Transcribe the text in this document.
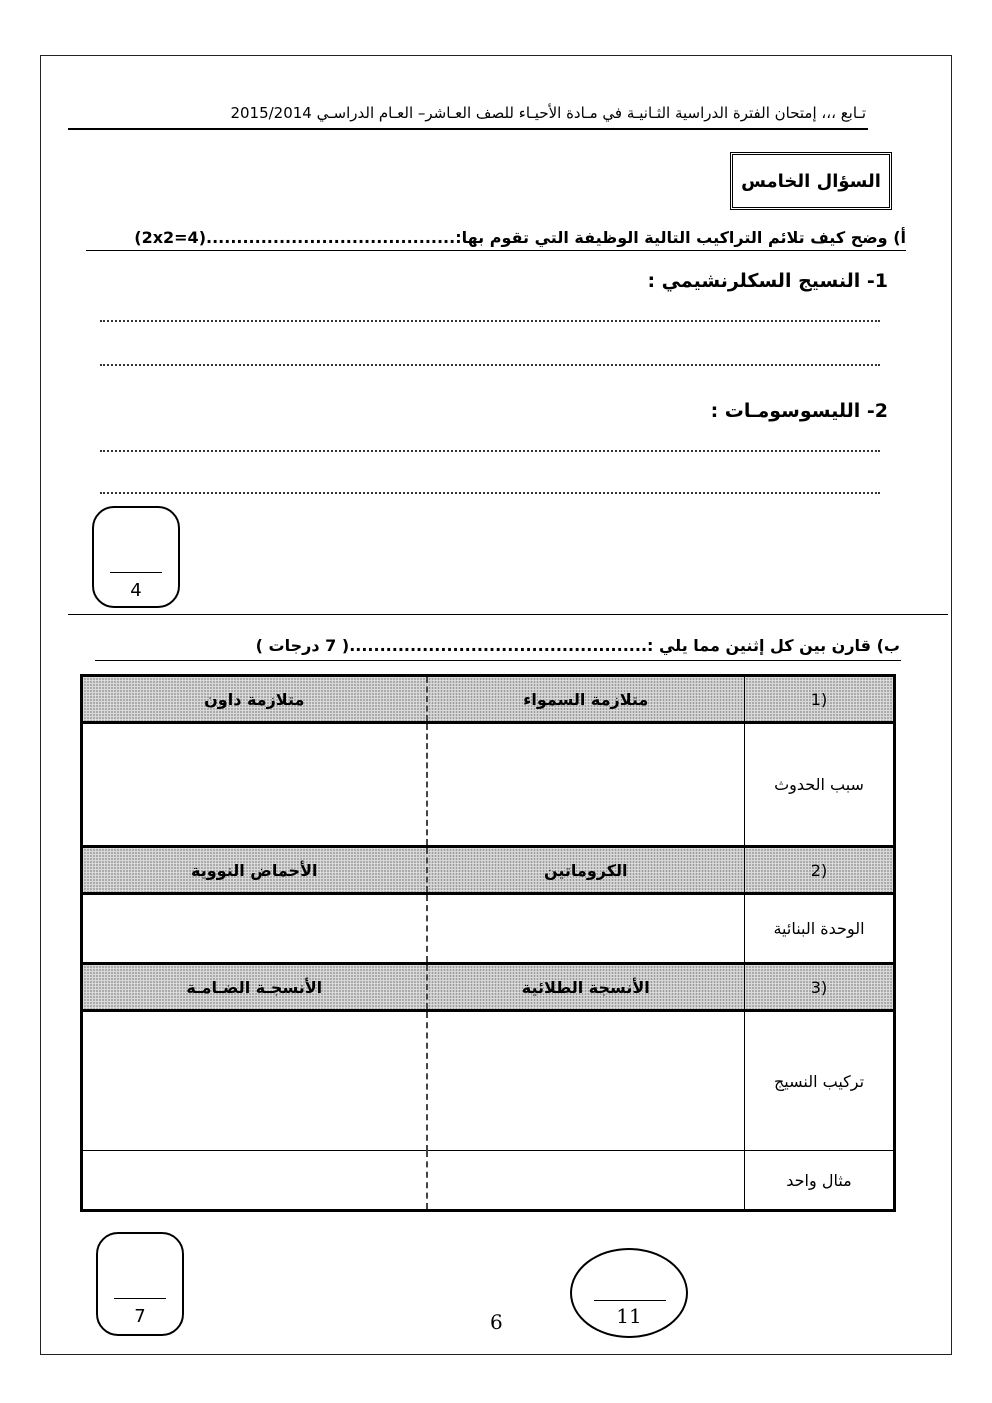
تـابع ،،، إمتحان الفترة الدراسية الثـانيـة في مـادة الأحيـاء للصف العـاشر– العـام الدراسـي 2015/2014
السؤال الخامس
أ) وضح كيف تلائم التراكيب التالية الوظيفة التي تقوم بها:.........................................(2x2=4)
1- النسيج السكلرنشيمي :
2- الليسوسومـات :
4
ب) قارن بين كل إثنين مما يلي :.................................................( 7 درجات )
(1	متلازمة السمواء	متلازمة داون
سبب الحدوث		
(2	الكروماتين	الأحماض النووية
الوحدة البنائية		
(3	الأنسجة الطلائية	الأنسجـة الضـامـة
تركيب النسيج		
مثال واحد		
7	6	11
